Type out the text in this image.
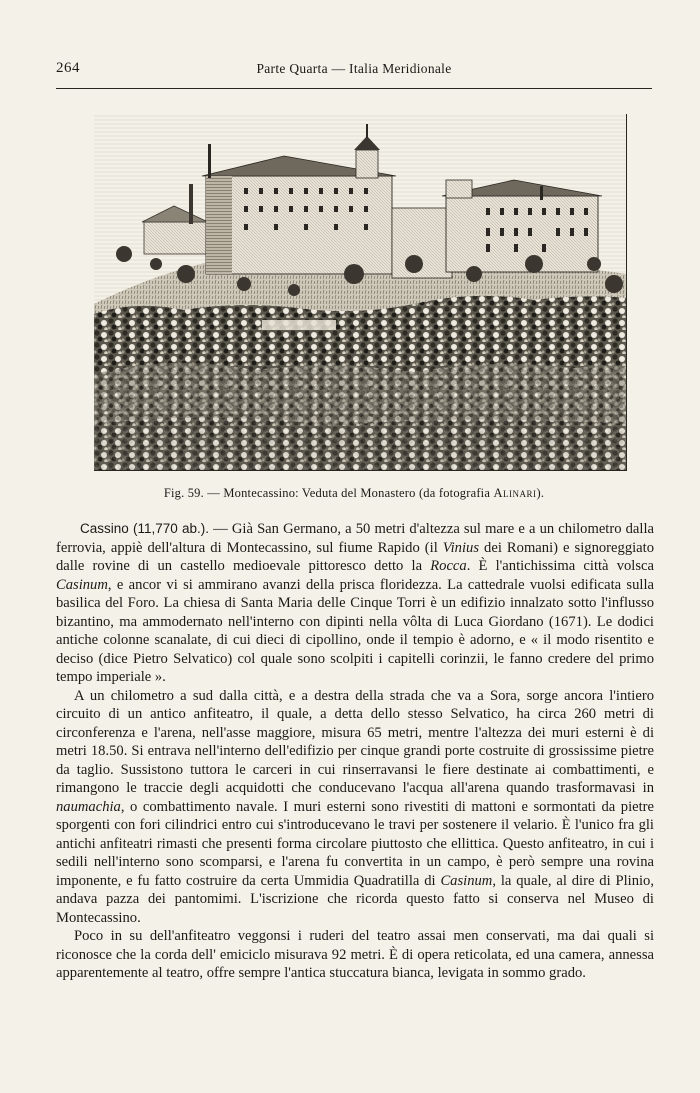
264	Parte Quarta — Italia Meridionale
Fig. 59. — Montecassino: Veduta del Monastero (da fotografia Alinari).

Cassino (11,770 ab.). — Già San Germano, a 50 metri d'altezza sul mare e a un chilometro dalla ferrovia, appiè dell'altura di Montecassino, sul fiume Rapido (il Vinius dei Romani) e signoreggiato dalle rovine di un castello medioevale pittoresco detto la Rocca. È l'antichissima città volsca Casinum, e ancor vi si ammirano avanzi della prisca floridezza. La cattedrale vuolsi edificata sulla basilica del Foro. La chiesa di Santa Maria delle Cinque Torri è un edifizio innalzato sotto l'influsso bizantino, ma ammodernato nell'interno con dipinti nella vôlta di Luca Giordano (1671). Le dodici antiche colonne scanalate, di cui dieci di cipollino, onde il tempio è adorno, e « il modo risentito e deciso (dice Pietro Selvatico) col quale sono scolpiti i capitelli corinzii, le fanno credere del primo tempo imperiale ».

A un chilometro a sud dalla città, e a destra della strada che va a Sora, sorge ancora l'intiero circuito di un antico anfiteatro, il quale, a detta dello stesso Selvatico, ha circa 260 metri di circonferenza e l'arena, nell'asse maggiore, misura 65 metri, mentre l'altezza dei muri esterni è di metri 18.50. Si entrava nell'interno dell'edifizio per cinque grandi porte costruite di grossissime pietre da taglio. Sussistono tuttora le carceri in cui rinserravansi le fiere destinate ai combattimenti, e rimangono le traccie degli acquidotti che conducevano l'acqua all'arena quando trasformavasi in naumachia, o combattimento navale. I muri esterni sono rivestiti di mattoni e sormontati da pietre sporgenti con fori cilindrici entro cui s'introducevano le travi per sostenere il velario. È l'unico fra gli antichi anfiteatri rimasti che presenti forma circolare piuttosto che ellittica. Questo anfiteatro, in cui i sedili nell'interno sono scomparsi, e l'arena fu convertita in un campo, è però sempre una rovina imponente, e fu fatto costruire da certa Ummidia Quadratilla di Casinum, la quale, al dire di Plinio, andava pazza dei pantomimi. L'iscrizione che ricorda questo fatto si conserva nel Museo di Montecassino.

Poco in su dell'anfiteatro veggonsi i ruderi del teatro assai men conservati, ma dai quali si riconosce che la corda dell' emiciclo misurava 92 metri. È di opera reticolata, ed una camera, annessa apparentemente al teatro, offre sempre l'antica stuccatura bianca, levigata in sommo grado.
